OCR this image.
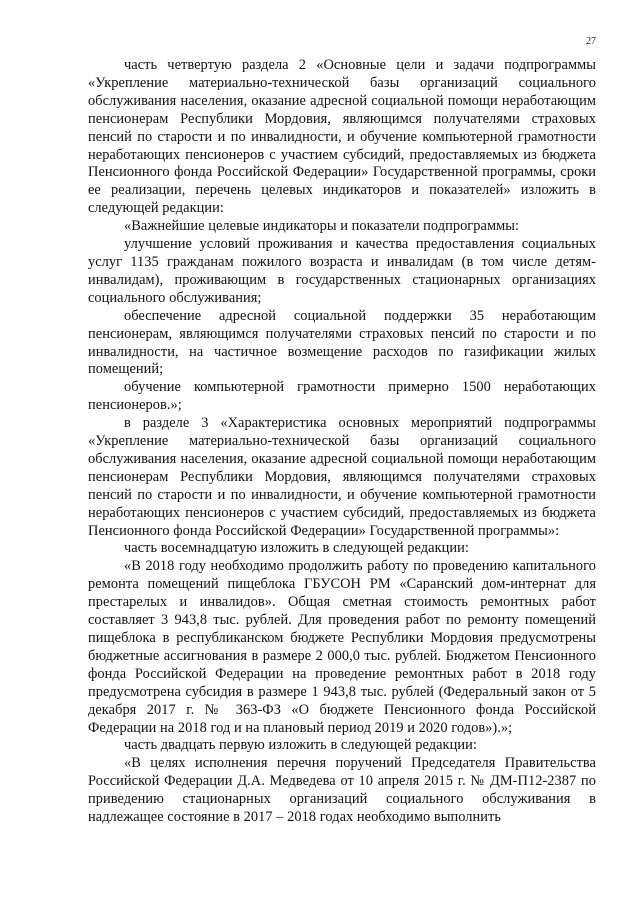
27

часть четвертую раздела 2 «Основные цели и задачи подпрограммы «Укрепление материально-технической базы организаций социального обслуживания населения, оказание адресной социальной помощи неработающим пенсионерам Республики Мордовия, являющимся получателями страховых пенсий по старости и по инвалидности, и обучение компьютерной грамотности неработающих пенсионеров с участием субсидий, предоставляемых из бюджета Пенсионного фонда Российской Федерации» Государственной программы, сроки ее реализации, перечень целевых индикаторов и показателей» изложить в следующей редакции:

«Важнейшие целевые индикаторы и показатели подпрограммы:

улучшение условий проживания и качества предоставления социальных услуг 1135 гражданам пожилого возраста и инвалидам (в том числе детям-инвалидам), проживающим в государственных стационарных организациях социального обслуживания;

обеспечение адресной социальной поддержки 35 неработающим пенсионерам, являющимся получателями страховых пенсий по старости и по инвалидности, на частичное возмещение расходов по газификации жилых помещений;

обучение компьютерной грамотности примерно 1500 неработающих пенсионеров.»;

в разделе 3 «Характеристика основных мероприятий подпрограммы «Укрепление материально-технической базы организаций социального обслуживания населения, оказание адресной социальной помощи неработающим пенсионерам Республики Мордовия, являющимся получателями страховых пенсий по старости и по инвалидности, и обучение компьютерной грамотности неработающих пенсионеров с участием субсидий, предоставляемых из бюджета Пенсионного фонда Российской Федерации» Государственной программы»:

часть восемнадцатую изложить в следующей редакции:

«В 2018 году необходимо продолжить работу по проведению капитального ремонта помещений пищеблока ГБУСОН РМ «Саранский дом-интернат для престарелых и инвалидов». Общая сметная стоимость ремонтных работ составляет 3 943,8 тыс. рублей. Для проведения работ по ремонту помещений пищеблока в республиканском бюджете Республики Мордовия предусмотрены бюджетные ассигнования в размере 2 000,0 тыс. рублей. Бюджетом Пенсионного фонда Российской Федерации на проведение ремонтных работ в 2018 году предусмотрена субсидия в размере 1 943,8 тыс. рублей (Федеральный закон от 5 декабря 2017 г. № 363-ФЗ «О бюджете Пенсионного фонда Российской Федерации на 2018 год и на плановый период 2019 и 2020 годов»).»;

часть двадцать первую изложить в следующей редакции:

«В целях исполнения перечня поручений Председателя Правительства Российской Федерации Д.А. Медведева от 10 апреля 2015 г. № ДМ-П12-2387 по приведению стационарных организаций социального обслуживания в надлежащее состояние в 2017 – 2018 годах необходимо выполнить
